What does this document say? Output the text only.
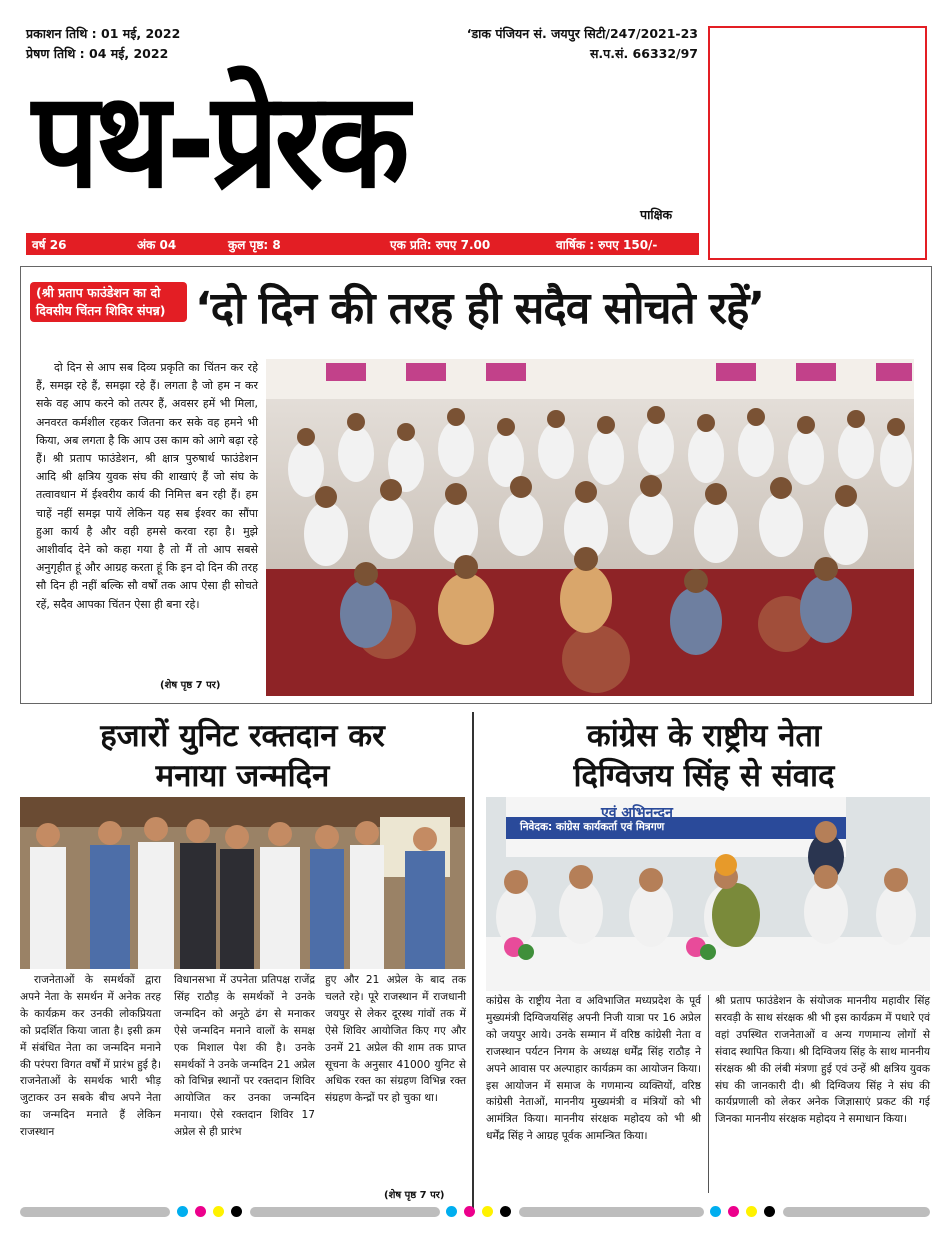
प्रकाशन तिथि : 01 मई, 2022
प्रेषण तिथि : 04 मई, 2022
‘डाक पंजियन सं. जयपुर सिटी/247/2021-23
स.प.सं. 66332/97
पथ-प्रेरक	पाक्षिक
वर्ष 26	अंक 04	कुल पृष्ठ: 8	एक प्रति: रुपए 7.00	वार्षिक : रुपए 150/-
(श्री प्रताप फाउंडेशन का दो दिवसीय चिंतन शिविर संपन्न) ‘दो दिन की तरह ही सदैव सोचते रहें’
दो दिन से आप सब दिव्य प्रकृति का चिंतन कर रहे हैं, समझ रहे हैं, समझा रहे हैं। लगता है जो हम न कर सके वह आप करने को तत्पर हैं, अवसर हमें भी मिला, अनवरत कर्मशील रहकर जितना कर सके वह हमने भी किया, अब लगता है कि आप उस काम को आगे बढ़ा रहे हैं। श्री प्रताप फाउंडेशन, श्री क्षात्र पुरुषार्थ फाउंडेशन आदि श्री क्षत्रिय युवक संघ की शाखाएं हैं जो संघ के तत्वावधान में ईश्वरीय कार्य की निमित्त बन रही हैं। हम चाहें नहीं समझ पायें लेकिन यह सब ईश्वर का सौंपा हुआ कार्य है और वही हमसे करवा रहा है। मुझे आशीर्वाद देने को कहा गया है तो मैं तो आप सबसे अनुगृहीत हूं और आग्रह करता हूं कि इन दो दिन की तरह सौ दिन ही नहीं बल्कि सौ वर्षों तक आप ऐसा ही सोचते रहें, सदैव आपका चिंतन ऐसा ही बना रहे।
(शेष पृष्ठ 7 पर)
हजारों युनिट रक्तदान कर
मनाया जन्मदिन
राजनेताओं के समर्थकों द्वारा अपने नेता के समर्थन में अनेक तरह के कार्यक्रम कर उनकी लोकप्रियता को प्रदर्शित किया जाता है। इसी क्रम में संबंधित नेता का जन्मदिन मनाने की परंपरा विगत वर्षों में प्रारंभ हुई है। राजनेताओं के समर्थक भारी भीड़ जुटाकर उन सबके बीच अपने नेता का जन्मदिन मनाते हैं लेकिन राजस्थान
विधानसभा में उपनेता प्रतिपक्ष राजेंद्र सिंह राठौड़ के समर्थकों ने उनके जन्मदिन को अनूठे ढंग से मनाकर ऐसे जन्मदिन मनाने वालों के समक्ष एक मिशाल पेश की है। उनके समर्थकों ने उनके जन्मदिन 21 अप्रेल को विभिन्न स्थानों पर रक्तदान शिविर आयोजित कर उनका जन्मदिन मनाया। ऐसे रक्तदान शिविर 17 अप्रेल से ही प्रारंभ
हुए और 21 अप्रेल के बाद तक चलते रहे। पूरे राजस्थान में राजधानी जयपुर से लेकर दूरस्थ गांवों तक में ऐसे शिविर आयोजित किए गए और उनमें 21 अप्रेल की शाम तक प्राप्त सूचना के अनुसार 41000 युनिट से अधिक रक्त का संग्रहण विभिन्न रक्त संग्रहण केन्द्रों पर हो चुका था।
(शेष पृष्ठ 7 पर)
कांग्रेस के राष्ट्रीय नेता
दिग्विजय सिंह से संवाद
एवं अभिनन्दन
निवेदक: कांग्रेस कार्यकर्ता एवं मित्रगण
कांग्रेस के राष्ट्रीय नेता व अविभाजित मध्यप्रदेश के पूर्व मुख्यमंत्री दिग्विजयसिंह अपनी निजी यात्रा पर 16 अप्रेल को जयपुर आये। उनके सम्मान में वरिष्ठ कांग्रेसी नेता व राजस्थान पर्यटन निगम के अध्यक्ष धर्मेंद्र सिंह राठौड़ ने अपने आवास पर अल्पाहार कार्यक्रम का आयोजन किया। इस आयोजन में समाज के गणमान्य व्यक्तियों, वरिष्ठ कांग्रेसी नेताओं, माननीय मुख्यमंत्री व मंत्रियों को भी आमंत्रित किया। माननीय संरक्षक महोदय को भी श्री धर्मेंद्र सिंह ने आग्रह पूर्वक आमन्त्रित किया।
श्री प्रताप फाउंडेशन के संयोजक माननीय महावीर सिंह सरवड़ी के साथ संरक्षक श्री भी इस कार्यक्रम में पधारे एवं वहां उपस्थित राजनेताओं व अन्य गणमान्य लोगों से संवाद स्थापित किया। श्री दिग्विजय सिंह के साथ माननीय संरक्षक श्री की लंबी मंत्रणा हुई एवं उन्हें श्री क्षत्रिय युवक संघ की जानकारी दी। श्री दिग्विजय सिंह ने संघ की कार्यप्रणाली को लेकर अनेक जिज्ञासाएं प्रकट की गई जिनका माननीय संरक्षक महोदय ने समाधान किया।
